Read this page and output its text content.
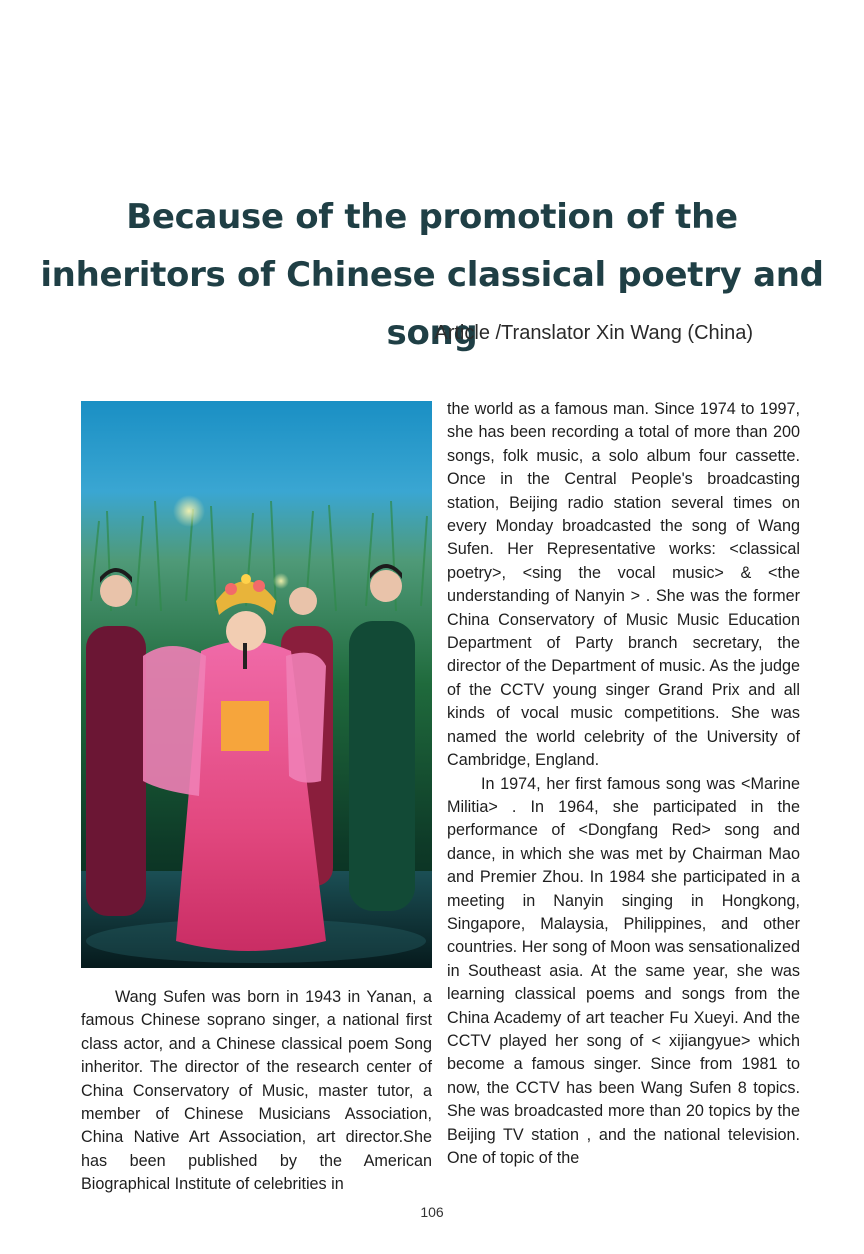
Because of the promotion of the inheritors of Chinese classical poetry and song
Article /Translator Xin Wang (China)

Wang Sufen was born in 1943 in Yanan, a famous Chinese soprano singer, a national first class actor, and a Chinese classical poem Song inheritor. The director of the research center of China Conservatory of Music, master tutor, a member of Chinese Musicians Association, China Native Art Association, art director.She has been published by the American Biographical Institute of celebrities in

the world as a famous man. Since 1974 to 1997, she has been recording a total of more than 200 songs, folk music, a solo album four cassette. Once in the Central People's broadcasting station, Beijing radio station several times on every Monday broadcasted the song of Wang Sufen. Her Representative works: <classical poetry>, <sing the vocal music> & <the understanding of Nanyin > . She was the former China Conservatory of Music Music Education Department of Party branch secretary, the director of the Department of music. As the judge of the CCTV young singer Grand Prix and all kinds of vocal music competitions. She was named the world celebrity of the University of Cambridge, England.

In 1974, her first famous song was <Marine Militia> . In 1964, she participated in the performance of <Dongfang Red> song and dance, in which she was met by Chairman Mao and Premier Zhou. In 1984 she participated in a meeting in Nanyin singing in Hongkong, Singapore, Malaysia, Philippines, and other countries. Her song of Moon was sensationalized in Southeast asia. At the same year, she was learning classical poems and songs from the China Academy of art teacher Fu Xueyi. And the CCTV played her song of < xijiangyue> which become a famous singer. Since from 1981 to now, the CCTV has been Wang Sufen 8 topics. She was broadcasted more than 20 topics by the Beijing TV station , and the national television. One of topic of the

106
